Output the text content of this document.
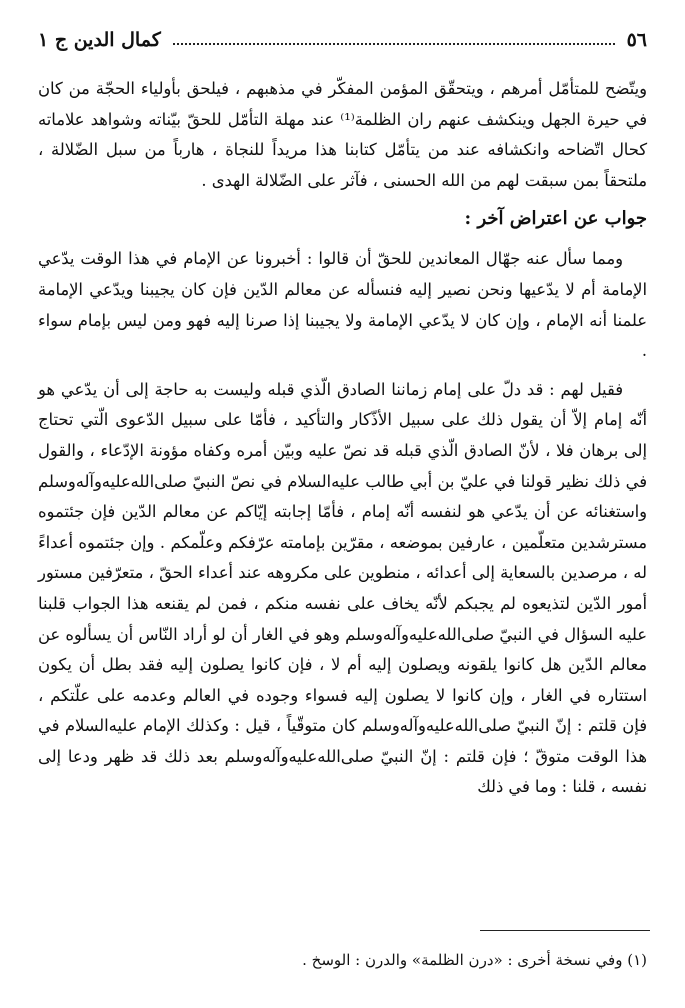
٥٦
كمال الدين ج ١

ويتّضح للمتأمّل أمرهم ، ويتحقّق المؤمن المفكّر في مذهبهم ، فيلحق بأولياء الحجّة من كان في حيرة الجهل وينكشف عنهم ران الظلمة⁽¹⁾ عند مهلة التأمّل للحقّ بيّناته وشواهد علاماته كحال اتّضاحه وانكشافه عند من يتأمّل كتابنا هذا مريداً للنجاة ، هارباً من سبل الضّلالة ، ملتحقاً بمن سبقت لهم من الله الحسنى ، فآثر على الضّلالة الهدى .

جواب عن اعتراض آخر :

ومما سأل عنه جهّال المعاندين للحقّ أن قالوا : أخبرونا عن الإمام في هذا الوقت يدّعي الإمامة أم لا يدّعيها ونحن نصير إليه فنسأله عن معالم الدّين فإن كان يجيبنا ويدّعي الإمامة علمنا أنه الإمام ، وإن كان لا يدّعي الإمامة ولا يجيبنا إذا صرنا إليه فهو ومن ليس بإمام سواء .

فقيل لهم : قد دلّ على إمام زماننا الصادق الّذي قبله وليست به حاجة إلى أن يدّعي هو أنّه إمام إلاّ أن يقول ذلك على سبيل الأذّكار والتأكيد ، فأمّا على سبيل الدّعوى الّتي تحتاج إلى برهان فلا ، لأنّ الصادق الّذي قبله قد نصّ عليه وبيّن أمره وكفاه مؤونة الإدّعاء ، والقول في ذلك نظير قولنا في عليّ بن أبي طالب عليه‌السلام في نصّ النبيّ صلى‌الله‌عليه‌وآله‌وسلم واستغنائه عن أن يدّعي هو لنفسه أنّه إمام ، فأمّا إجابته إيّاكم عن معالم الدّين فإن جئتموه مسترشدين متعلّمين ، عارفين بموضعه ، مقرّين بإمامته عرّفكم وعلّمكم . وإن جئتموه أعداءً له ، مرصدين بالسعاية إلى أعدائه ، منطوين على مكروهه عند أعداء الحقّ ، متعرّفين مستور أمور الدّين لتذيعوه لم يجبكم لأنّه يخاف على نفسه منكم ، فمن لم يقنعه هذا الجواب قلبنا عليه السؤال في النبيّ صلى‌الله‌عليه‌وآله‌وسلم وهو في الغار أن لو أراد النّاس أن يسألوه عن معالم الدّين هل كانوا يلقونه ويصلون إليه أم لا ، فإن كانوا يصلون إليه فقد بطل أن يكون استتاره في الغار ، وإن كانوا لا يصلون إليه فسواء وجوده في العالم وعدمه على علّتكم ، فإن قلتم : إنّ النبيّ صلى‌الله‌عليه‌وآله‌وسلم كان متوقّياً ، قيل : وكذلك الإمام عليه‌السلام في هذا الوقت متوقّ ؛ فإن قلتم : إنّ النبيّ صلى‌الله‌عليه‌وآله‌وسلم بعد ذلك قد ظهر ودعا إلى نفسه ، قلنا : وما في ذلك

(١) وفي نسخة أخرى : «درن الظلمة» والدرن : الوسخ .
